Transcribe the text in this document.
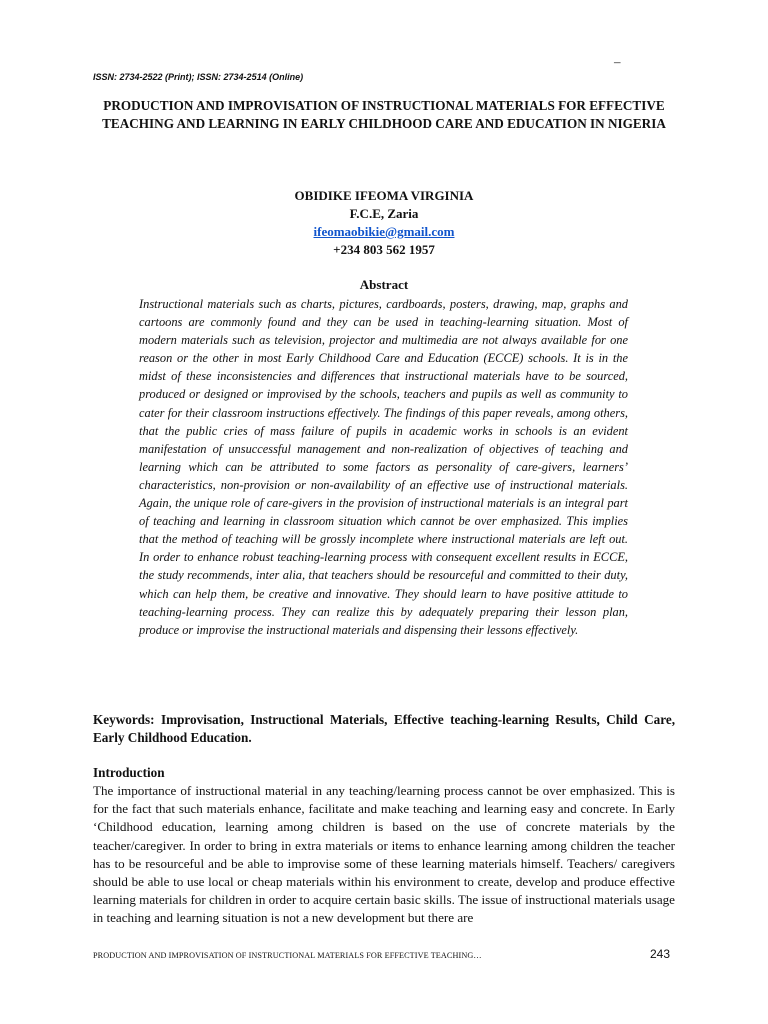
–
ISSN: 2734-2522 (Print); ISSN: 2734-2514 (Online)
PRODUCTION AND IMPROVISATION OF INSTRUCTIONAL MATERIALS FOR EFFECTIVE TEACHING AND LEARNING IN EARLY CHILDHOOD CARE AND EDUCATION IN NIGERIA
OBIDIKE IFEOMA VIRGINIA
F.C.E, Zaria
ifeomaobikie@gmail.com
+234 803 562 1957
Abstract

Instructional materials such as charts, pictures, cardboards, posters, drawing, map, graphs and cartoons are commonly found and they can be used in teaching-learning situation. Most of modern materials such as television, projector and multimedia are not always available for one reason or the other in most Early Childhood Care and Education (ECCE) schools. It is in the midst of these inconsistencies and differences that instructional materials have to be sourced, produced or designed or improvised by the schools, teachers and pupils as well as community to cater for their classroom instructions effectively. The findings of this paper reveals, among others, that the public cries of mass failure of pupils in academic works in schools is an evident manifestation of unsuccessful management and non-realization of objectives of teaching and learning which can be attributed to some factors as personality of care-givers, learners’ characteristics, non-provision or non-availability of an effective use of instructional materials. Again, the unique role of care-givers in the provision of instructional materials is an integral part of teaching and learning in classroom situation which cannot be over emphasized. This implies that the method of teaching will be grossly incomplete where instructional materials are left out. In order to enhance robust teaching-learning process with consequent excellent results in ECCE, the study recommends, inter alia, that teachers should be resourceful and committed to their duty, which can help them, be creative and innovative. They should learn to have positive attitude to teaching-learning process. They can realize this by adequately preparing their lesson plan, produce or improvise the instructional materials and dispensing their lessons effectively.

Keywords: Improvisation, Instructional Materials, Effective teaching-learning Results, Child Care, Early Childhood Education.

Introduction

The importance of instructional material in any teaching/learning process cannot be over emphasized. This is for the fact that such materials enhance, facilitate and make teaching and learning easy and concrete. In Early ‘Childhood education, learning among children is based on the use of concrete materials by the teacher/caregiver. In order to bring in extra materials or items to enhance learning among children the teacher has to be resourceful and be able to improvise some of these learning materials himself. Teachers/ caregivers should be able to use local or cheap materials within his environment to create, develop and produce effective learning materials for children in order to acquire certain basic skills. The issue of instructional materials usage in teaching and learning situation is not a new development but there are

PRODUCTION AND IMPROVISATION OF INSTRUCTIONAL MATERIALS FOR EFFECTIVE TEACHING…	243
